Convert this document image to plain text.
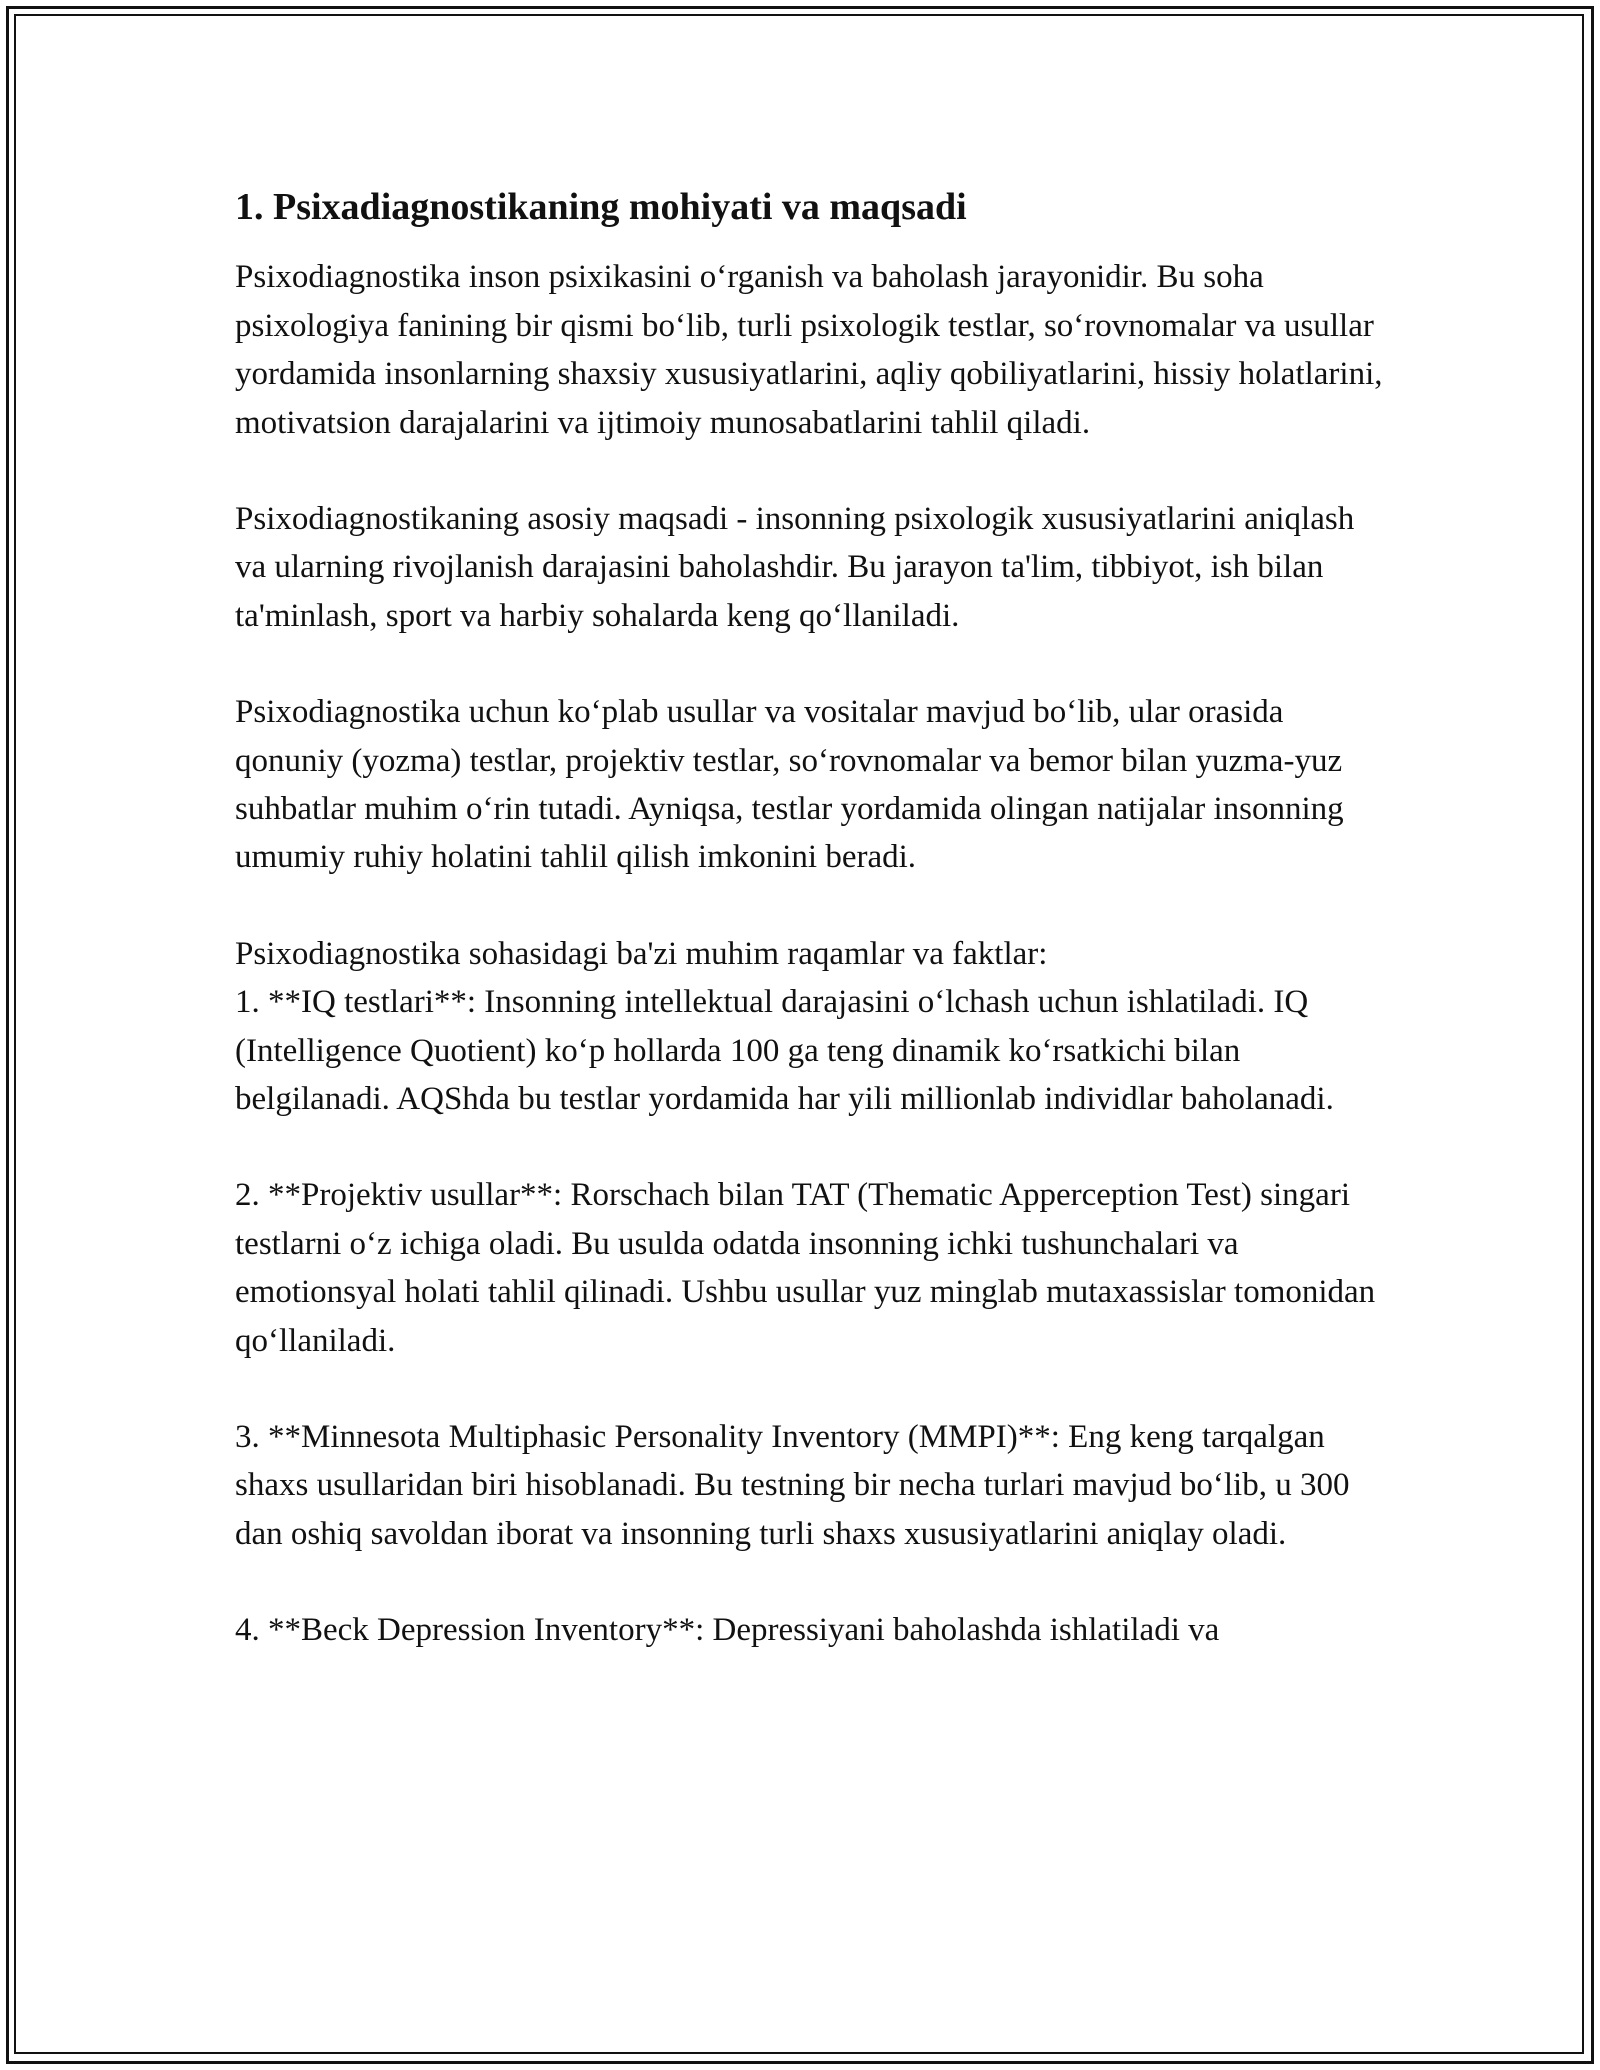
1. Psixadiagnostikaning mohiyati va maqsadi

Psixodiagnostika inson psixikasini o‘rganish va baholash jarayonidir. Bu soha psixologiya fanining bir qismi bo‘lib, turli psixologik testlar, so‘rovnomalar va usullar yordamida insonlarning shaxsiy xususiyatlarini, aqliy qobiliyatlarini, hissiy holatlarini, motivatsion darajalarini va ijtimoiy munosabatlarini tahlil qiladi.

Psixodiagnostikaning asosiy maqsadi - insonning psixologik xususiyatlarini aniqlash va ularning rivojlanish darajasini baholashdir. Bu jarayon ta'lim, tibbiyot, ish bilan ta'minlash, sport va harbiy sohalarda keng qo‘llaniladi.

Psixodiagnostika uchun ko‘plab usullar va vositalar mavjud bo‘lib, ular orasida qonuniy (yozma) testlar, projektiv testlar, so‘rovnomalar va bemor bilan yuzma-yuz suhbatlar muhim o‘rin tutadi. Ayniqsa, testlar yordamida olingan natijalar insonning umumiy ruhiy holatini tahlil qilish imkonini beradi.

Psixodiagnostika sohasidagi ba'zi muhim raqamlar va faktlar:

1. **IQ testlari**: Insonning intellektual darajasini o‘lchash uchun ishlatiladi. IQ (Intelligence Quotient) ko‘p hollarda 100 ga teng dinamik ko‘rsatkichi bilan belgilanadi. AQShda bu testlar yordamida har yili millionlab individlar baholanadi.

2. **Projektiv usullar**: Rorschach bilan TAT (Thematic Apperception Test) singari testlarni o‘z ichiga oladi. Bu usulda odatda insonning ichki tushunchalari va emotionsyal holati tahlil qilinadi. Ushbu usullar yuz minglab mutaxassislar tomonidan qo‘llaniladi.

3. **Minnesota Multiphasic Personality Inventory (MMPI)**: Eng keng tarqalgan shaxs usullaridan biri hisoblanadi. Bu testning bir necha turlari mavjud bo‘lib, u 300 dan oshiq savoldan iborat va insonning turli shaxs xususiyatlarini aniqlay oladi.

4. **Beck Depression Inventory**: Depressiyani baholashda ishlatiladi va
